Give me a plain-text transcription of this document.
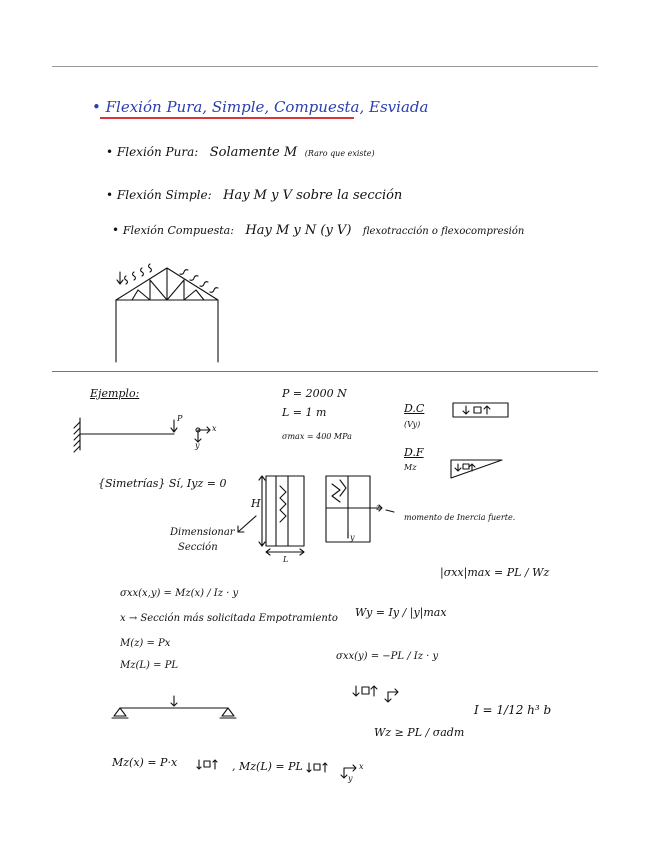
• Flexión Pura, Simple, Compuesta, Esviada
• Flexión Pura: Solamente M (Raro que existe)
• Flexión Simple: Hay M y V sobre la sección
• Flexión Compuesta: Hay M y N (y V) flexotracción o flexocompresión
Ejemplo:
P
x
y
P = 2000 N
L = 1 m
σmax = 400 MPa
D.C
(Vy)
D.F
Mz
{Simetrías} Sí, Iyz = 0
H
L
z
y
Dimensionar
Sección
momento de Inercia fuerte.
|σxx|max = PL / Wz
σxx(x,y) = Mz(x) / Iz · y
x → Sección más solicitada Empotramiento
M(z) = Px
Mz(L) = PL
Wy = Iy / |y|max
σxx(y) = −PL / Iz · y
I = 1/12 h³ b
Wz ≥ PL / σadm
Mz(x) = P·x	, Mz(L) = PL	x
y
